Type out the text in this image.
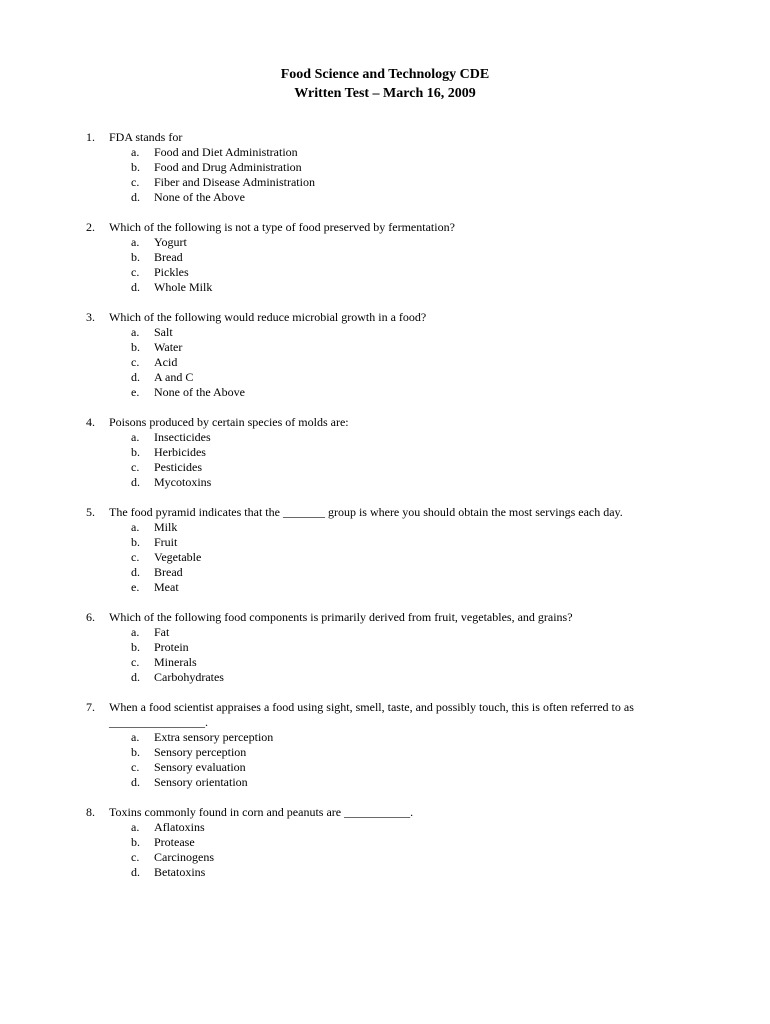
Food Science and Technology CDE
Written Test – March 16, 2009
1. FDA stands for
a. Food and Diet Administration
b. Food and Drug Administration
c. Fiber and Disease Administration
d. None of the Above
2. Which of the following is not a type of food preserved by fermentation?
a. Yogurt
b. Bread
c. Pickles
d. Whole Milk
3. Which of the following would reduce microbial growth in a food?
a. Salt
b. Water
c. Acid
d. A and C
e. None of the Above
4. Poisons produced by certain species of molds are:
a. Insecticides
b. Herbicides
c. Pesticides
d. Mycotoxins
5. The food pyramid indicates that the _______ group is where you should obtain the most servings each day.
a. Milk
b. Fruit
c. Vegetable
d. Bread
e. Meat
6. Which of the following food components is primarily derived from fruit, vegetables, and grains?
a. Fat
b. Protein
c. Minerals
d. Carbohydrates
7. When a food scientist appraises a food using sight, smell, taste, and possibly touch, this is often referred to as ________________.
a. Extra sensory perception
b. Sensory perception
c. Sensory evaluation
d. Sensory orientation
8. Toxins commonly found in corn and peanuts are ___________.
a. Aflatoxins
b. Protease
c. Carcinogens
d. Betatoxins
